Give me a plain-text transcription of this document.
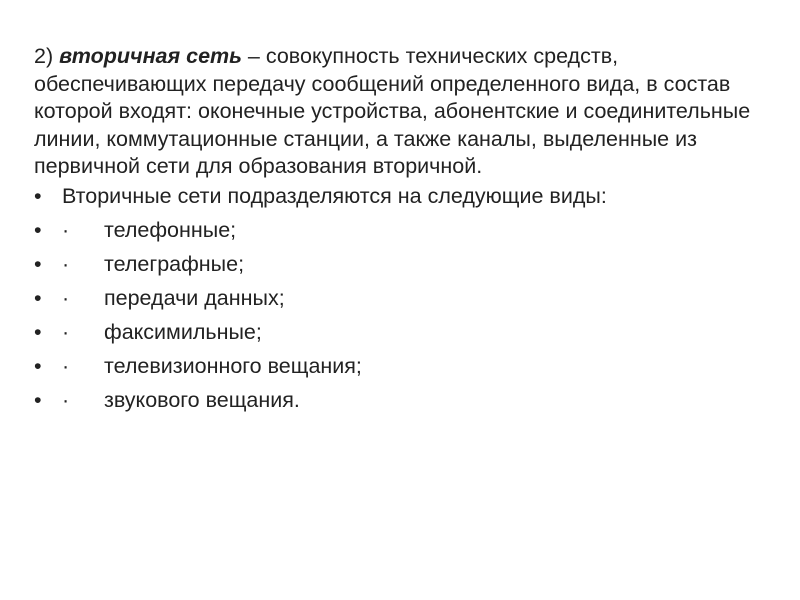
2) вторичная сеть – совокупность технических средств, обеспечивающих передачу сообщений определенного вида, в состав которой входят: оконечные устройства, абонентские и соединительные линии, коммутационные станции, а также каналы, выделенные из первичной сети для образования вторичной.

• Вторичные сети подразделяются на следующие виды:
• · телефонные;
• · телеграфные;
• · передачи данных;
• · факсимильные;
• · телевизионного вещания;
• · звукового вещания.
